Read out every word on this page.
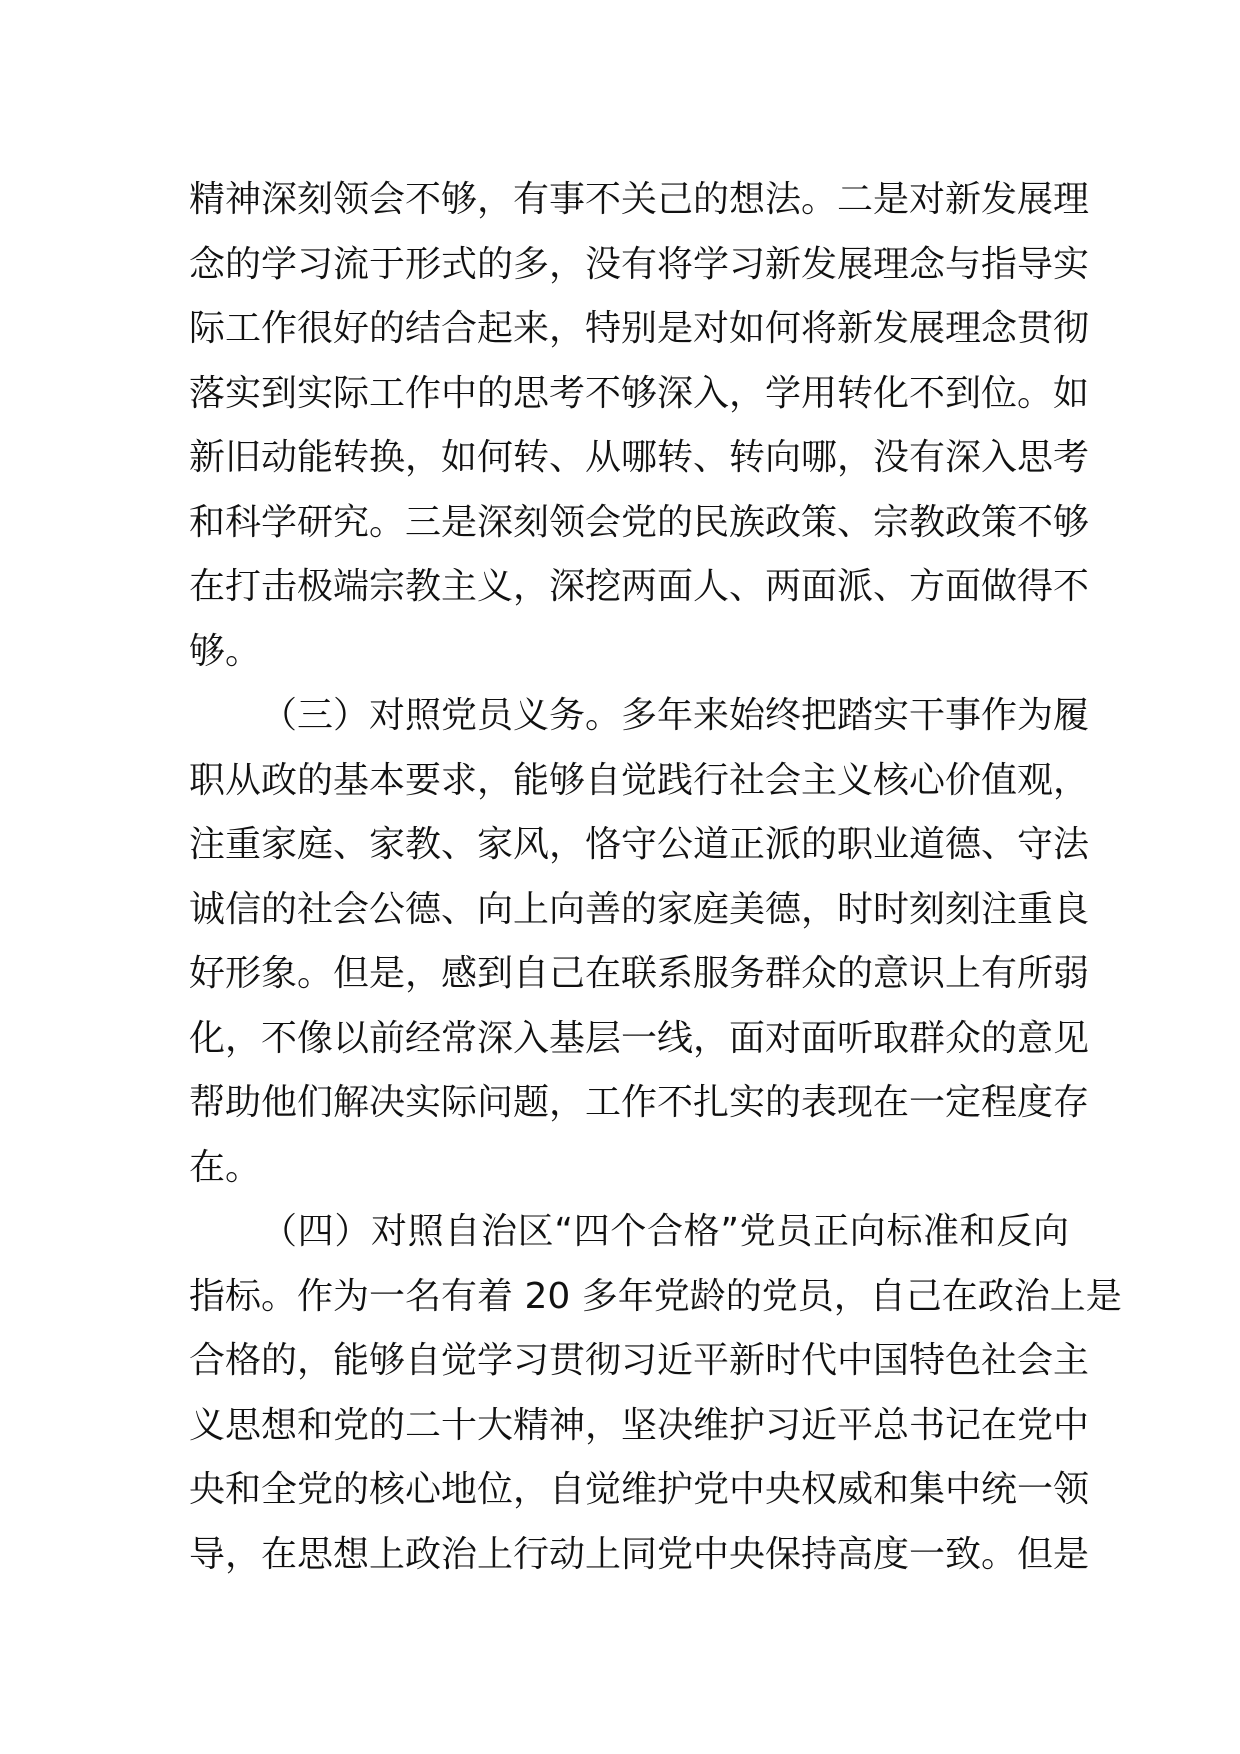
精神深刻领会不够，有事不关己的想法。二是对新发展理
念的学习流于形式的多，没有将学习新发展理念与指导实
际工作很好的结合起来，特别是对如何将新发展理念贯彻
落实到实际工作中的思考不够深入，学用转化不到位。如
新旧动能转换，如何转、从哪转、转向哪，没有深入思考
和科学研究。三是深刻领会党的民族政策、宗教政策不够
在打击极端宗教主义，深挖两面人、两面派、方面做得不
够。
（三）对照党员义务。多年来始终把踏实干事作为履
职从政的基本要求，能够自觉践行社会主义核心价值观，
注重家庭、家教、家风，恪守公道正派的职业道德、守法
诚信的社会公德、向上向善的家庭美德，时时刻刻注重良
好形象。但是，感到自己在联系服务群众的意识上有所弱
化，不像以前经常深入基层一线，面对面听取群众的意见
帮助他们解决实际问题，工作不扎实的表现在一定程度存
在。
（四）对照自治区“四个合格”党员正向标准和反向
指标。作为一名有着 20 多年党龄的党员，自己在政治上是
合格的，能够自觉学习贯彻习近平新时代中国特色社会主
义思想和党的二十大精神，坚决维护习近平总书记在党中
央和全党的核心地位，自觉维护党中央权威和集中统一领
导，在思想上政治上行动上同党中央保持高度一致。但是
